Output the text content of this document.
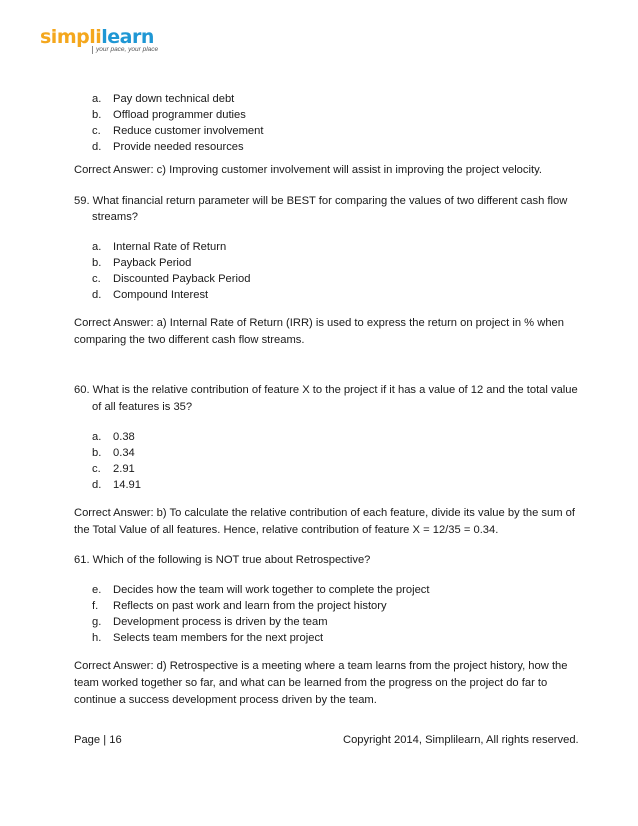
simplilearn
your pace, your place
a. Pay down technical debt
b. Offload programmer duties
c. Reduce customer involvement
d. Provide needed resources
Correct Answer: c) Improving customer involvement will assist in improving the project velocity.
59. What financial return parameter will be BEST for comparing the values of two different cash flow
streams?
a. Internal Rate of Return
b. Payback Period
c. Discounted Payback Period
d. Compound Interest
Correct Answer: a) Internal Rate of Return (IRR) is used to express the return on project in % when
comparing the two different cash flow streams.
60. What is the relative contribution of feature X to the project if it has a value of 12 and the total value
of all features is 35?
a. 0.38
b. 0.34
c. 2.91
d. 14.91
Correct Answer: b) To calculate the relative contribution of each feature, divide its value by the sum of
the Total Value of all features. Hence, relative contribution of feature X = 12/35 = 0.34.
61. Which of the following is NOT true about Retrospective?
e. Decides how the team will work together to complete the project
f. Reflects on past work and learn from the project history
g. Development process is driven by the team
h. Selects team members for the next project
Correct Answer: d) Retrospective is a meeting where a team learns from the project history, how the
team worked together so far, and what can be learned from the progress on the project do far to
continue a success development process driven by the team.
Page | 16	Copyright 2014, Simplilearn, All rights reserved.
